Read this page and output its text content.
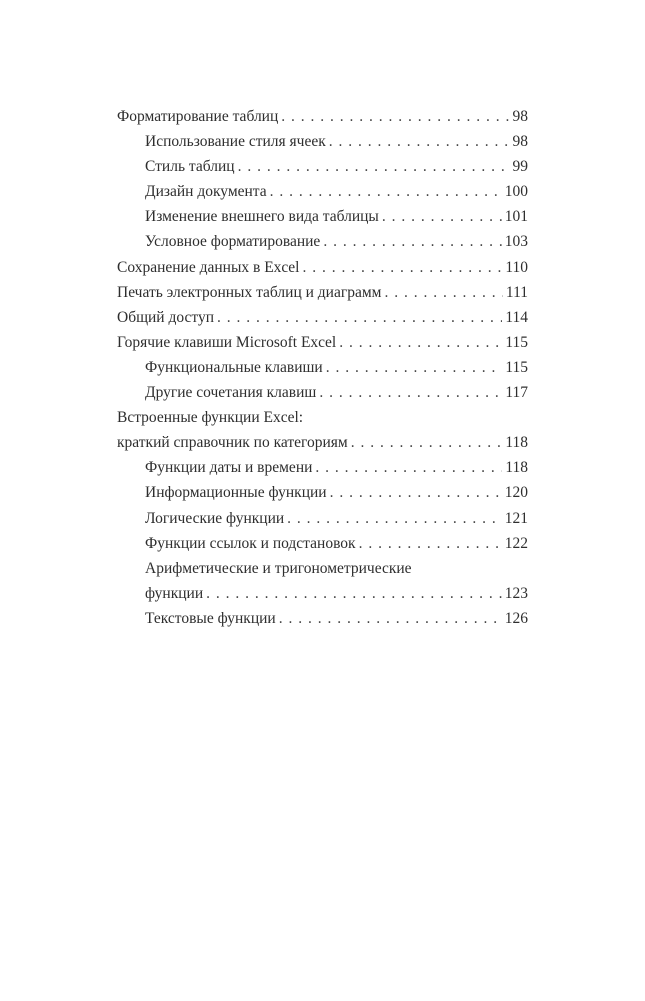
Форматирование таблиц . . .	98
Использование стиля ячеек . . .	98
Стиль таблиц . . .	99
Дизайн документа . . .	100
Изменение внешнего вида таблицы . . .	101
Условное форматирование . . .	103
Сохранение данных в Excel . . .	110
Печать электронных таблиц и диаграмм . . .	111
Общий доступ . . .	114
Горячие клавиши Microsoft Excel . . .	115
Функциональные клавиши . . .	115
Другие сочетания клавиш . . .	117
Встроенные функции Excel:
краткий справочник по категориям . . .	118
Функции даты и времени . . .	118
Информационные функции . . .	120
Логические функции . . .	121
Функции ссылок и подстановок . . .	122
Арифметические и тригонометрические
функции . . .	123
Текстовые функции . . .	126
